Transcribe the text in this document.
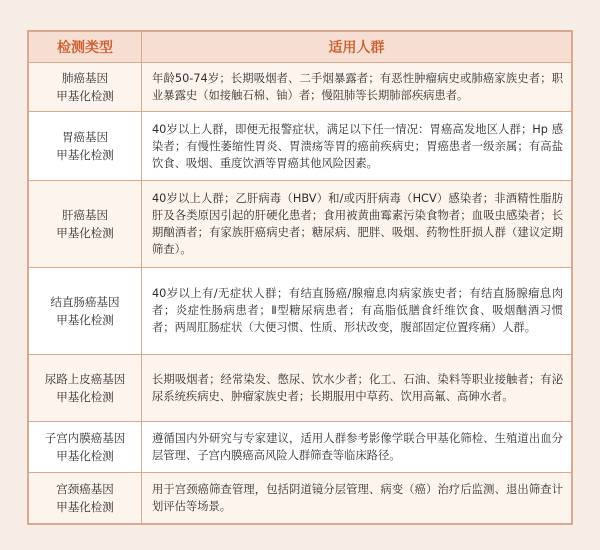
检测类型	适用人群

肺癌基因
甲基化检测	年龄50-74岁；长期吸烟者、二手烟暴露者；有恶性肿瘤病史或肺癌家族史者；职业暴露史（如接触石棉、铀）者；慢阻肺等长期肺部疾病患者。

胃癌基因
甲基化检测	40岁以上人群，即便无报警症状，满足以下任一情况：胃癌高发地区人群；Hp 感染者；有慢性萎缩性胃炎、胃溃疡等胃的癌前疾病史；胃癌患者一级亲属；有高盐饮食、吸烟、重度饮酒等胃癌其他风险因素。

肝癌基因
甲基化检测	40岁以上人群；乙肝病毒（HBV）和/或丙肝病毒（HCV）感染者；非酒精性脂肪肝及各类原因引起的肝硬化患者；食用被黄曲霉素污染食物者；血吸虫感染者；长期酗酒者；有家族肝癌病史者；糖尿病、肥胖、吸烟、药物性肝损人群（建议定期筛查）。

结直肠癌基因
甲基化检测	40岁以上有/无症状人群；有结直肠癌/腺瘤息肉病家族史者；有结直肠腺瘤息肉者；炎症性肠病患者；Ⅱ型糖尿病患者；有高脂低膳食纤维饮食、吸烟酗酒习惯者；两周肛肠症状（大便习惯、性质、形状改变，腹部固定位置疼痛）人群。

尿路上皮癌基因
甲基化检测	长期吸烟者；经常染发、憋尿、饮水少者；化工、石油、染料等职业接触者；有泌尿系统疾病史、肿瘤家族史者；长期服用中草药、饮用高氟、高砷水者。

子宫内膜癌基因
甲基化检测	遵循国内外研究与专家建议，适用人群参考影像学联合甲基化筛检、生殖道出血分层管理、子宫内膜癌高风险人群筛查等临床路径。

宫颈癌基因
甲基化检测	用于宫颈癌筛查管理，包括阴道镜分层管理、病变（癌）治疗后监测、退出筛查计划评估等场景。
